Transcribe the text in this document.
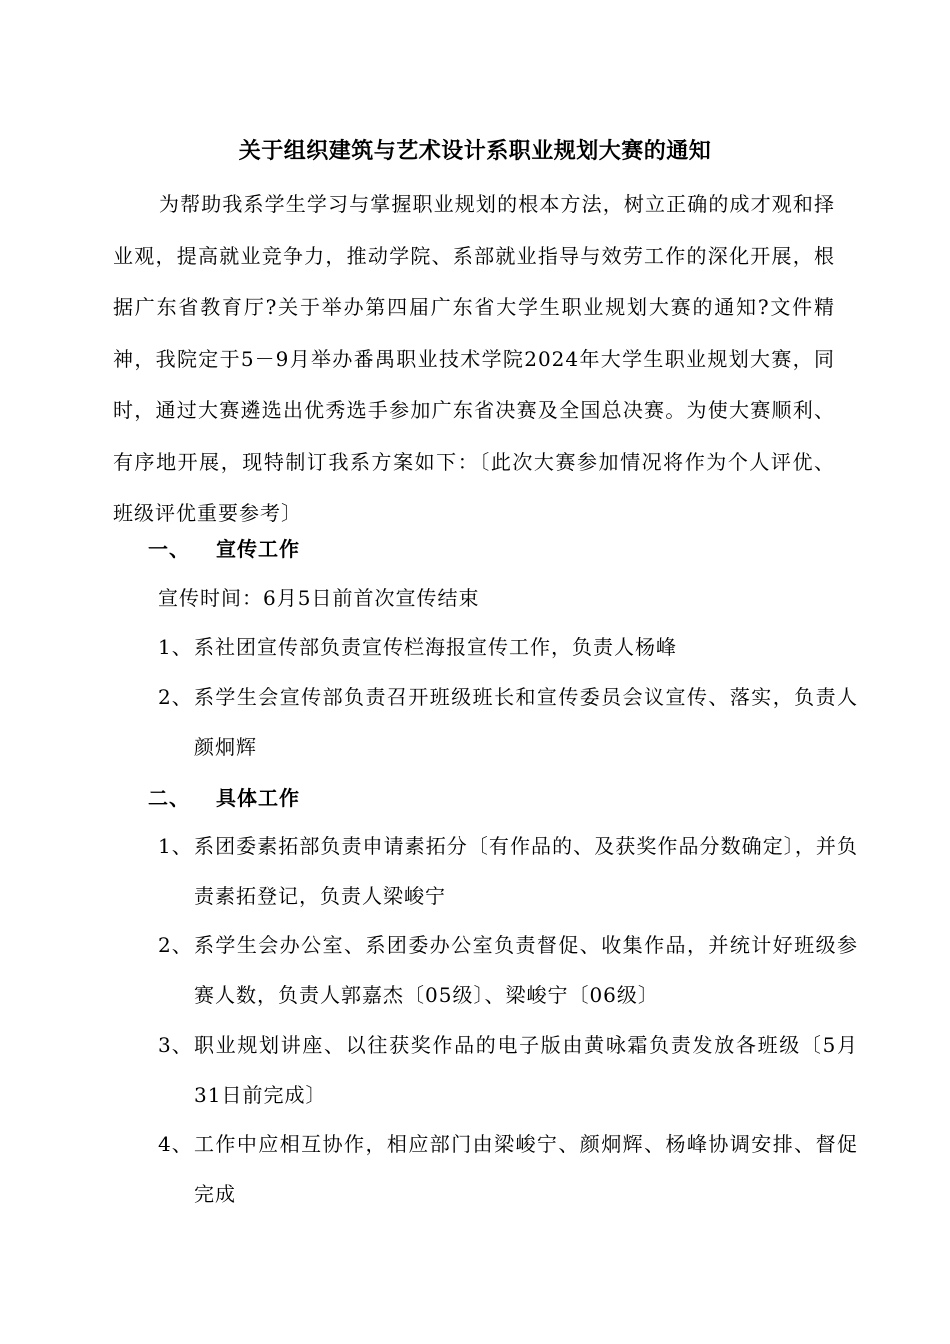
关于组织建筑与艺术设计系职业规划大赛的通知
为帮助我系学生学习与掌握职业规划的根本方法，树立正确的成才观和择业观，提高就业竞争力，推动学院、系部就业指导与效劳工作的深化开展，根据广东省教育厅?关于举办第四届广东省大学生职业规划大赛的通知?文件精神，我院定于5－9月举办番禺职业技术学院2024年大学生职业规划大赛，同时，通过大赛遴选出优秀选手参加广东省决赛及全国总决赛。为使大赛顺利、有序地开展，现特制订我系方案如下：〔此次大赛参加情况将作为个人评优、班级评优重要参考〕
一、 宣传工作
宣传时间：6月5日前首次宣传结束
1、 系社团宣传部负责宣传栏海报宣传工作，负责人杨峰
2、 系学生会宣传部负责召开班级班长和宣传委员会议宣传、落实，负责人颜炯辉
二、 具体工作
1、 系团委素拓部负责申请素拓分〔有作品的、及获奖作品分数确定〕，并负责素拓登记，负责人梁峻宁
2、 系学生会办公室、系团委办公室负责督促、收集作品，并统计好班级参赛人数，负责人郭嘉杰〔05级〕、梁峻宁〔06级〕
3、 职业规划讲座、以往获奖作品的电子版由黄咏霜负责发放各班级〔5月31日前完成〕
4、 工作中应相互协作，相应部门由梁峻宁、颜炯辉、杨峰协调安排、督促完成
